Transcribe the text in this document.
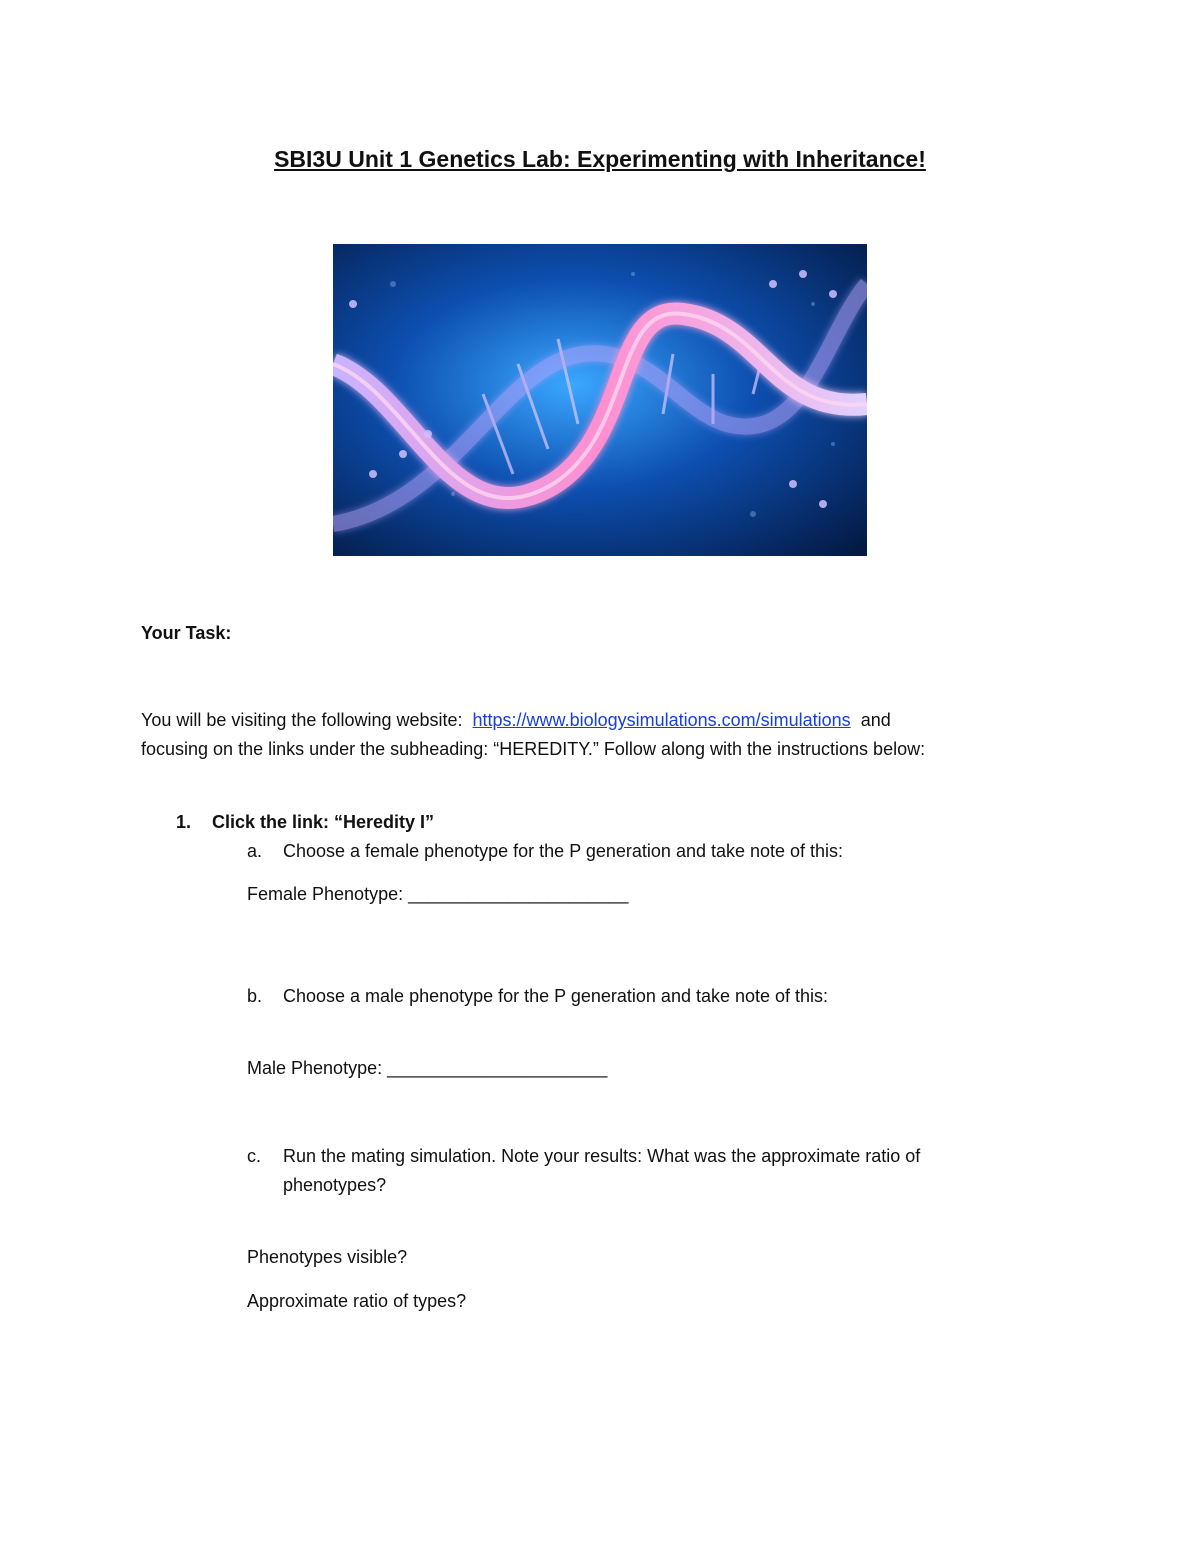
SBI3U Unit 1 Genetics Lab: Experimenting with Inheritance!
Your Task:
You will be visiting the following website: https://www.biologysimulations.com/simulations and
focusing on the links under the subheading: “HEREDITY.” Follow along with the instructions below:
1. Click the link: “Heredity I”
a. Choose a female phenotype for the P generation and take note of this:
Female Phenotype: ______________________
b. Choose a male phenotype for the P generation and take note of this:
Male Phenotype: ______________________
c. Run the mating simulation. Note your results: What was the approximate ratio of
phenotypes?
Phenotypes visible?
Approximate ratio of types?
